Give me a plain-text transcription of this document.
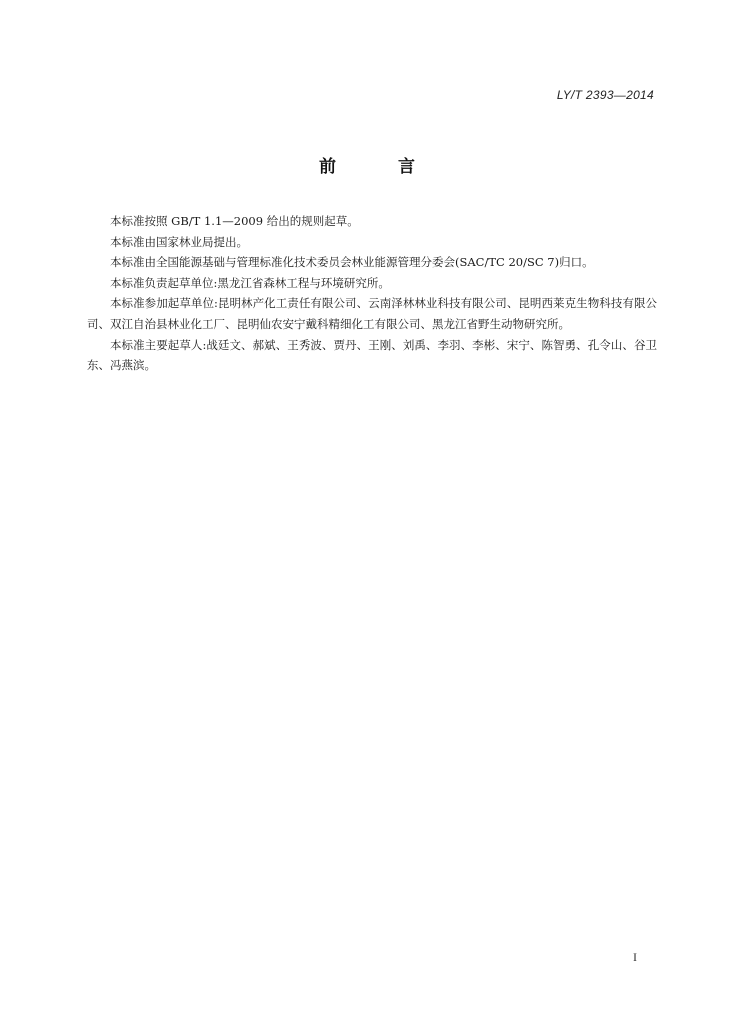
LY/T 2393—2014
前 言

本标准按照 GB/T 1.1—2009 给出的规则起草。

本标准由国家林业局提出。

本标准由全国能源基础与管理标准化技术委员会林业能源管理分委会(SAC/TC 20/SC 7)归口。

本标准负责起草单位:黑龙江省森林工程与环境研究所。

本标准参加起草单位:昆明林产化工责任有限公司、云南泽林林业科技有限公司、昆明西莱克生物科技有限公司、双江自治县林业化工厂、昆明仙农安宁戴科精细化工有限公司、黑龙江省野生动物研究所。

本标准主要起草人:战廷文、郝斌、王秀波、贾丹、王刚、刘禹、李羽、李彬、宋宁、陈智勇、孔令山、谷卫东、冯燕滨。

I
